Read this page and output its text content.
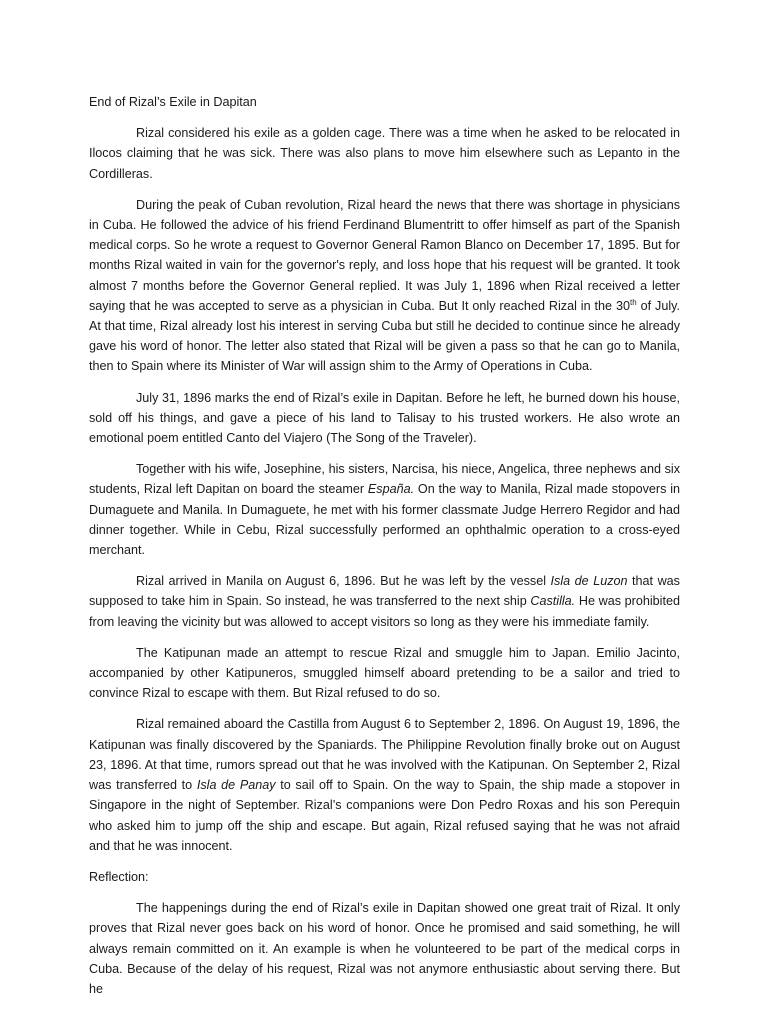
End of Rizal’s Exile in Dapitan

Rizal considered his exile as a golden cage. There was a time when he asked to be relocated in Ilocos claiming that he was sick. There was also plans to move him elsewhere such as Lepanto in the Cordilleras.

During the peak of Cuban revolution, Rizal heard the news that there was shortage in physicians in Cuba. He followed the advice of his friend Ferdinand Blumentritt to offer himself as part of the Spanish medical corps. So he wrote a request to Governor General Ramon Blanco on December 17, 1895. But for months Rizal waited in vain for the governor's reply, and loss hope that his request will be granted. It took almost 7 months before the Governor General replied. It was July 1, 1896 when Rizal received a letter saying that he was accepted to serve as a physician in Cuba. But It only reached Rizal in the 30th of July. At that time, Rizal already lost his interest in serving Cuba but still he decided to continue since he already gave his word of honor. The letter also stated that Rizal will be given a pass so that he can go to Manila, then to Spain where its Minister of War will assign shim to the Army of Operations in Cuba.

July 31, 1896 marks the end of Rizal’s exile in Dapitan. Before he left, he burned down his house, sold off his things, and gave a piece of his land to Talisay to his trusted workers. He also wrote an emotional poem entitled Canto del Viajero (The Song of the Traveler).

Together with his wife, Josephine, his sisters, Narcisa, his niece, Angelica, three nephews and six students, Rizal left Dapitan on board the steamer España. On the way to Manila, Rizal made stopovers in Dumaguete and Manila. In Dumaguete, he met with his former classmate Judge Herrero Regidor and had dinner together. While in Cebu, Rizal successfully performed an ophthalmic operation to a cross-eyed merchant.

Rizal arrived in Manila on August 6, 1896. But he was left by the vessel Isla de Luzon that was supposed to take him in Spain. So instead, he was transferred to the next ship Castilla. He was prohibited from leaving the vicinity but was allowed to accept visitors so long as they were his immediate family.

The Katipunan made an attempt to rescue Rizal and smuggle him to Japan. Emilio Jacinto, accompanied by other Katipuneros, smuggled himself aboard pretending to be a sailor and tried to convince Rizal to escape with them. But Rizal refused to do so.

Rizal remained aboard the Castilla from August 6 to September 2, 1896. On August 19, 1896, the Katipunan was finally discovered by the Spaniards. The Philippine Revolution finally broke out on August 23, 1896. At that time, rumors spread out that he was involved with the Katipunan. On September 2, Rizal was transferred to Isla de Panay to sail off to Spain. On the way to Spain, the ship made a stopover in Singapore in the night of September. Rizal’s companions were Don Pedro Roxas and his son Perequin who asked him to jump off the ship and escape. But again, Rizal refused saying that he was not afraid and that he was innocent.

Reflection:

The happenings during the end of Rizal’s exile in Dapitan showed one great trait of Rizal. It only proves that Rizal never goes back on his word of honor. Once he promised and said something, he will always remain committed on it. An example is when he volunteered to be part of the medical corps in Cuba. Because of the delay of his request, Rizal was not anymore enthusiastic about serving there. But he
